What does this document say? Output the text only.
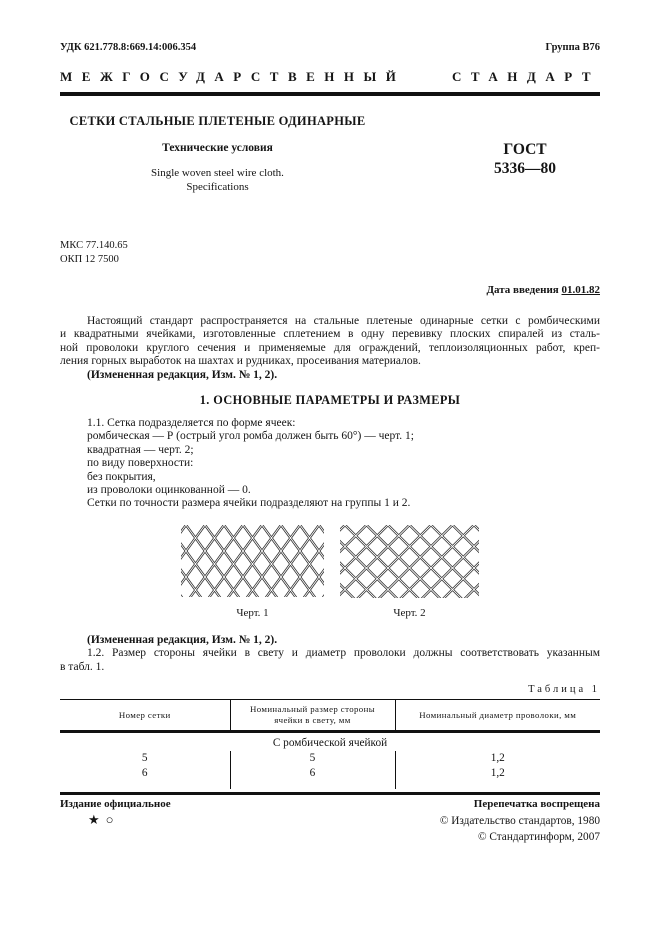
УДК 621.778.8:669.14:006.354	Группа В76
МЕЖГОСУДАРСТВЕННЫЙ	СТАНДАРТ
СЕТКИ СТАЛЬНЫЕ ПЛЕТЕНЫЕ ОДИНАРНЫЕ
Технические условия
Single woven steel wire cloth.
Specifications
ГОСТ
5336—80
МКС 77.140.65
ОКП 12 7500
Дата введения 01.01.82
Настоящий стандарт распространяется на стальные плетеные одинарные сетки с ромбическими
и квадратными ячейками, изготовленные сплетением в одну перевивку плоских спиралей из сталь-
ной проволоки круглого сечения и применяемые для ограждений, теплоизоляционных работ, креп-
ления горных выработок на шахтах и рудниках, просеивания материалов.
(Измененная редакция, Изм. № 1, 2).
1. ОСНОВНЫЕ ПАРАМЕТРЫ И РАЗМЕРЫ
1.1. Сетка подразделяется по форме ячеек:
ромбическая — Р (острый угол ромба должен быть 60°) — черт. 1;
квадратная — черт. 2;
по виду поверхности:
без покрытия,
из проволоки оцинкованной — 0.
Сетки по точности размера ячейки подразделяют на группы 1 и 2.
Черт. 1	Черт. 2
(Измененная редакция, Изм. № 1, 2).
1.2. Размер стороны ячейки в свету и диаметр проволоки должны соответствовать указанным
в табл. 1.
Таблица 1
Номер сетки	Номинальный размер стороны ячейки в свету, мм	Номинальный диаметр проволоки, мм
С ромбической ячейкой		
5	5	1,2
6	6	1,2
Издание официальное	Перепечатка воспрещена
★○	© Издательство стандартов, 1980
© Стандартинформ, 2007
